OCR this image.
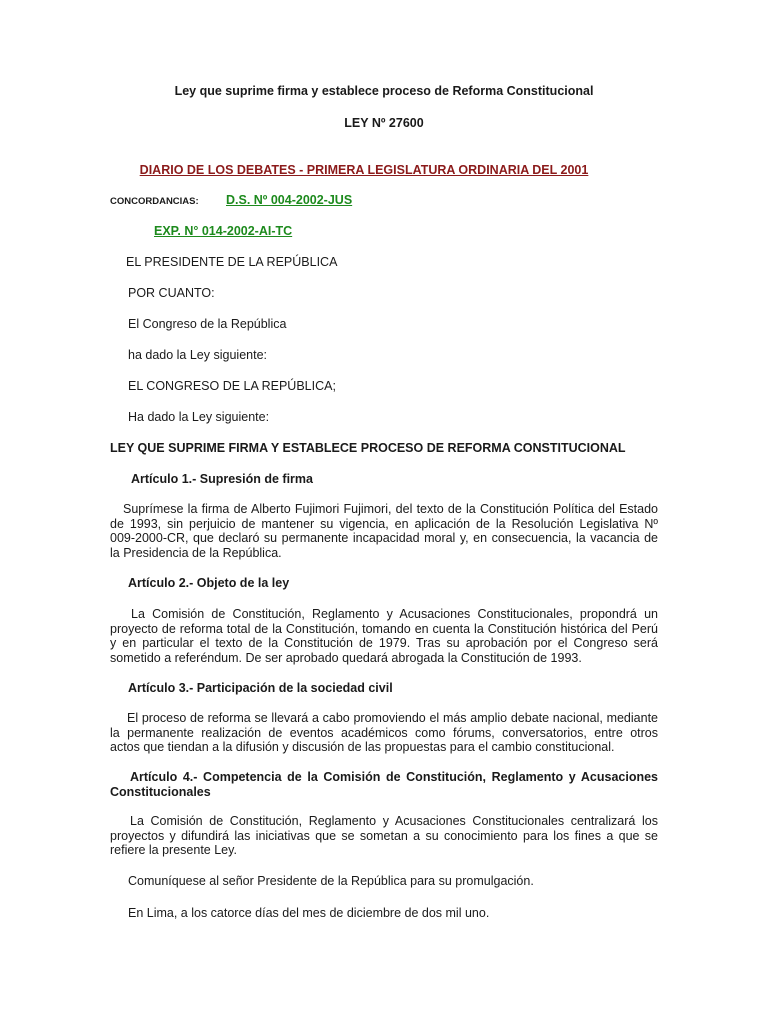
Ley que suprime firma y establece proceso de Reforma Constitucional
LEY Nº 27600
DIARIO DE LOS DEBATES - PRIMERA LEGISLATURA ORDINARIA DEL 2001
CONCORDANCIAS: D.S. Nº 004-2002-JUS
EXP. N° 014-2002-AI-TC
EL PRESIDENTE DE LA REPÚBLICA
POR CUANTO:
El Congreso de la República
ha dado la Ley siguiente:
EL CONGRESO DE LA REPÚBLICA;
Ha dado la Ley siguiente:
LEY QUE SUPRIME FIRMA Y ESTABLECE PROCESO DE REFORMA CONSTITUCIONAL
Artículo 1.- Supresión de firma
Suprímese la firma de Alberto Fujimori Fujimori, del texto de la Constitución Política del Estado
de 1993, sin perjuicio de mantener su vigencia, en aplicación de la Resolución Legislativa Nº
009-2000-CR, que declaró su permanente incapacidad moral y, en consecuencia, la vacancia de
la Presidencia de la República.
Artículo 2.- Objeto de la ley
La Comisión de Constitución, Reglamento y Acusaciones Constitucionales, propondrá un
proyecto de reforma total de la Constitución, tomando en cuenta la Constitución histórica del Perú
y en particular el texto de la Constitución de 1979. Tras su aprobación por el Congreso será
sometido a referéndum. De ser aprobado quedará abrogada la Constitución de 1993.
Artículo 3.- Participación de la sociedad civil
El proceso de reforma se llevará a cabo promoviendo el más amplio debate nacional, mediante
la permanente realización de eventos académicos como fórums, conversatorios, entre otros
actos que tiendan a la difusión y discusión de las propuestas para el cambio constitucional.
Artículo 4.- Competencia de la Comisión de Constitución, Reglamento y Acusaciones
Constitucionales
La Comisión de Constitución, Reglamento y Acusaciones Constitucionales centralizará los
proyectos y difundirá las iniciativas que se sometan a su conocimiento para los fines a que se
refiere la presente Ley.
Comuníquese al señor Presidente de la República para su promulgación.
En Lima, a los catorce días del mes de diciembre de dos mil uno.
